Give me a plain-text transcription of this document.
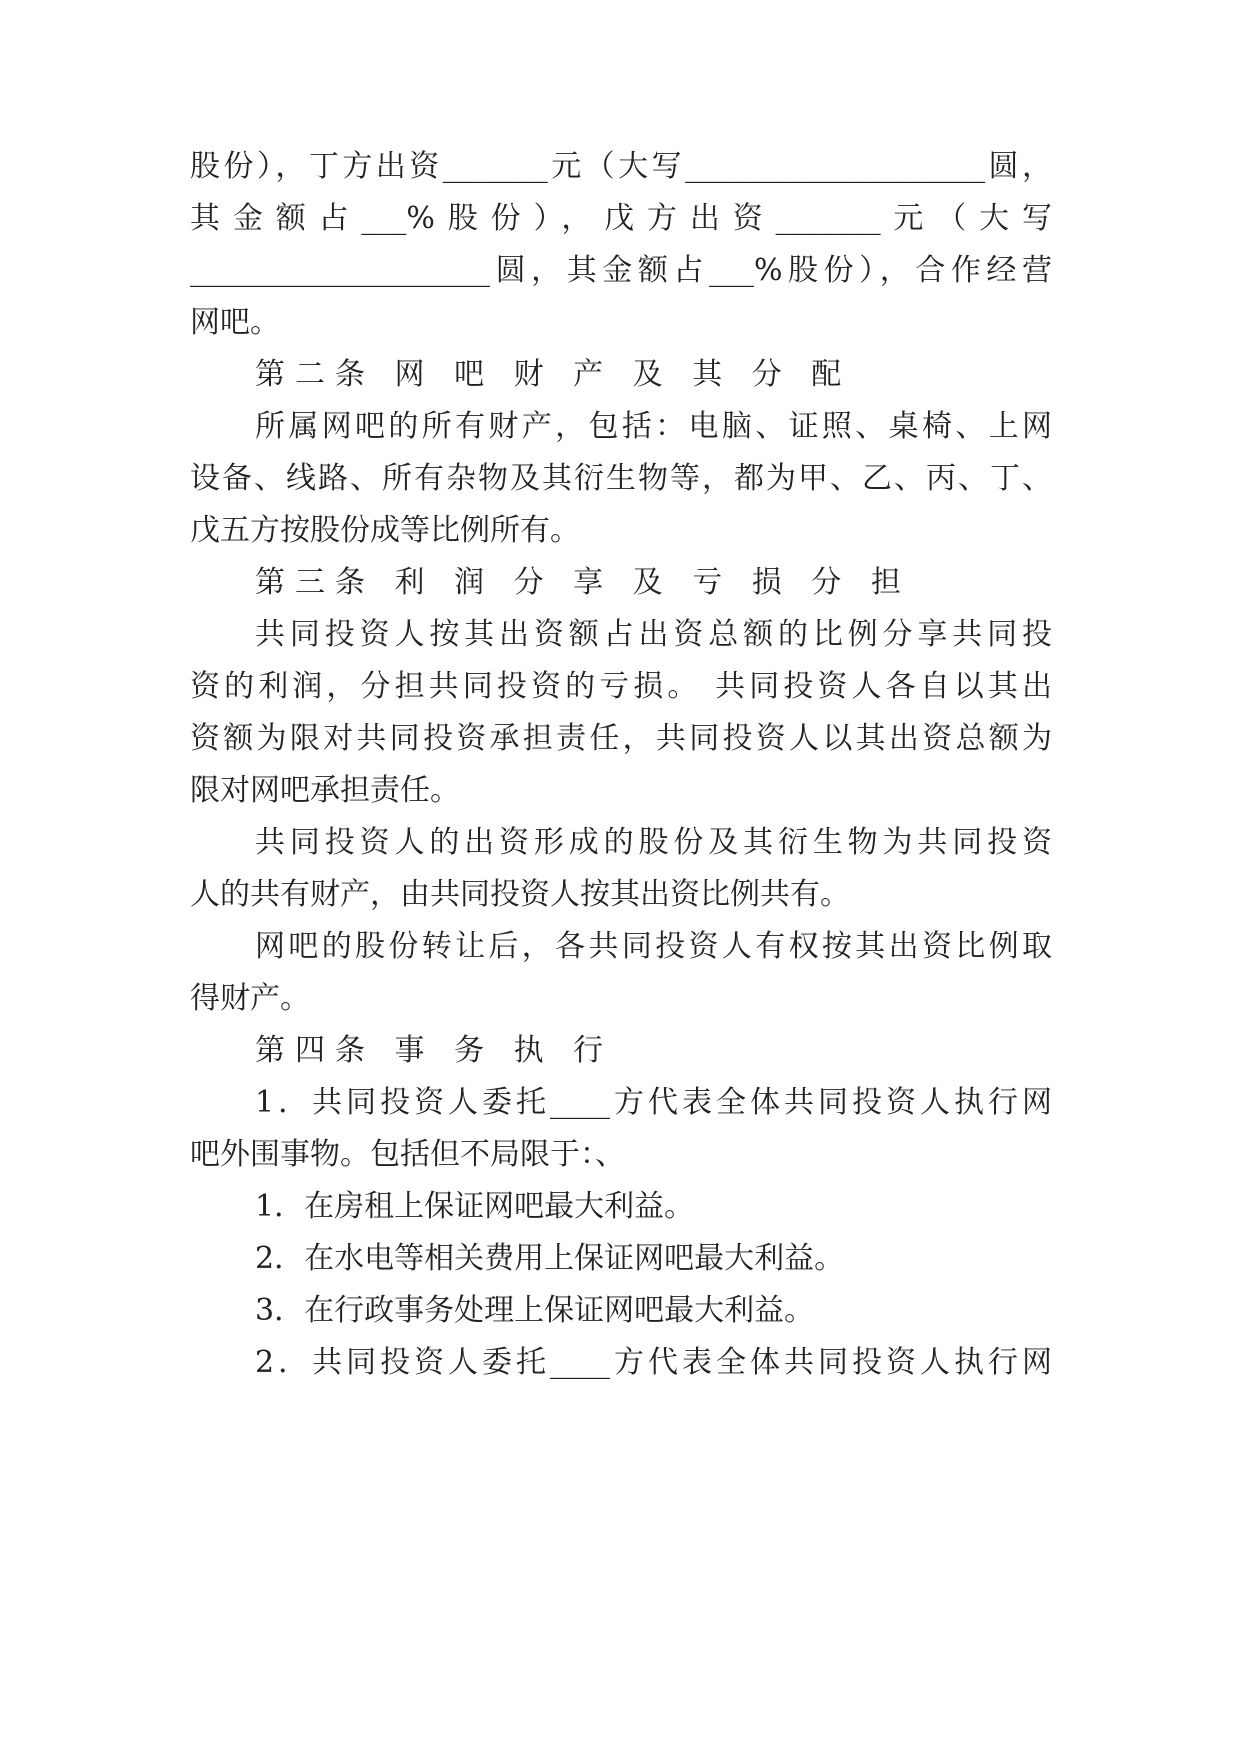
股份），丁方出资_______元（大写____________________圆，
其金额占___%股份），戊方出资_______元（大写
____________________圆，其金额占___%股份），合作经营
网吧。
第二条 网 吧 财 产 及 其 分 配
所属网吧的所有财产，包括：电脑、证照、桌椅、上网
设备、线路、所有杂物及其衍生物等，都为甲、乙、丙、丁、
戊五方按股份成等比例所有。
第三条 利 润 分 享 及 亏 损 分 担
共同投资人按其出资额占出资总额的比例分享共同投
资的利润，分担共同投资的亏损。 共同投资人各自以其出
资额为限对共同投资承担责任，共同投资人以其出资总额为
限对网吧承担责任。
共同投资人的出资形成的股份及其衍生物为共同投资
人的共有财产，由共同投资人按其出资比例共有。
网吧的股份转让后，各共同投资人有权按其出资比例取
得财产。
第四条 事 务 执 行
1．共同投资人委托____方代表全体共同投资人执行网
吧外围事物。包括但不局限于：、
1．在房租上保证网吧最大利益。
2．在水电等相关费用上保证网吧最大利益。
3．在行政事务处理上保证网吧最大利益。
2．共同投资人委托____方代表全体共同投资人执行网
